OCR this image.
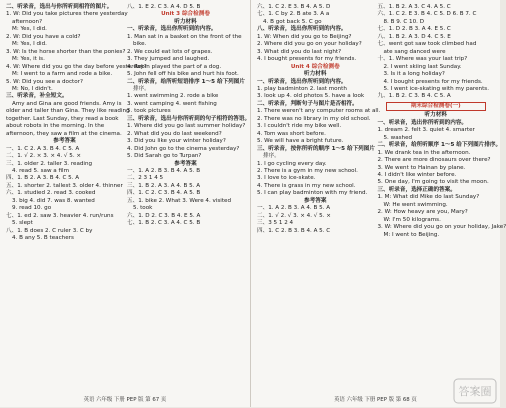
二、听录音，选出与你所听到相符的图片。
1. W: Did you take pictures there yesterday
afternoon?
M: Yes, I did.
2. W: Did you have a cold?
M: Yes, I did.
3. W: Is the horse shorter than the ponies?
M: Yes, it is.
4. W: Where did you go the day before yesterday?
M: I went to a farm and rode a bike.
5. W: Did you see a doctor?
M: No, I didn't.
三、听录音，补全短文。
Amy and Gina are good friends. Amy is
older and taller than Gina. They like reading
together. Last Sunday, they read a book
about robots in the morning. In the
afternoon, they saw a film at the cinema.
参考答案
一、1. C 2. A 3. B 4. C 5. A
二、1. √ 2. × 3. × 4. √ 5. ×
三、1. older 2. taller 3. reading
4. read 5. saw a film
四、1. B 2. A 3. B 4. C 5. A
五、1. shorter 2. tallest 3. older 4. thinner
六、1. studied 2. read 3. cooked
3. big 4. did 7. was 8. wanted
9. read 10. go
七、1. ed 2. saw 3. heavier 4. run/runs
5. slept
八、1. B does 2. C ruler 3. C by
4. B any 5. B teachers
八、1. E 2. C 3. A 4. D 5. B
Unit 3 综合检测卷
听力材料
一、听录音，选出你所听到的内容。
1. Man sat in a basket on the front of the
bike.
2. We could eat lots of grapes.
3. They jumped and laughed.
4. Robin played the part of a dog.
5. John fell off his bike and hurt his foot.
二、听录音，给所听短语排序 1～5 给下列图片
排序。
1. went swimming 2. rode a bike
3. went camping 4. went fishing
5. took pictures
三、听录音，选出与你所听到的句子相符的答语。
1. Where did you go last summer holiday?
2. What did you do last weekend?
3. Did you like your winter holiday?
4. Did John go to the cinema yesterday?
5. Did Sarah go to Turpan?
参考答案
一、1. A 2. B 3. B 4. A 5. B
二、2 3 1 4 5
三、1. B 2. A 3. A 4. B 5. A
四、1. C 2. C 3. B 4. A 5. B
五、1. bike 2. What 3. Were 4. visited
5. took
六、1. D 2. C 3. B 4. E 5. A
七、1. B 2. C 3. A 4. C 5. B
英语 六年级 下册 PEP 版 第 67 页
六、1. C 2. E 3. B 4. A 5. D
七、1. C by 2. B ate 3. A a
4. B got back 5. C go
八、听录音，选出你所听到的内容。
1. W: When did you go to Beijing?
2. Where did you go on your holiday?
3. What did you do last night?
4. I bought presents for my friends.
Unit 4 综合检测卷
听力材料
一、听录音，选出你所听到的内容。
1. play badminton 2. last month
3. look up 4. old photos 5. have a look
二、听录音，判断句子与图片是否相符。
1. There weren't any computer rooms at all.
2. There was no library in my old school.
3. I couldn't ride my bike well.
4. Tom was short before.
5. We will have a bright future.
三、听录音，按你所听的顺序 1～5 给下列图片
排序。
1. I go cycling every day.
2. There is a gym in my new school.
3. I love to ice-skate.
4. There is grass in my new school.
5. I can play badminton with my friend.
参考答案
一、1. A 2. B 3. A 4. B 5. A
二、1. √ 2. √ 3. × 4. √ 5. ×
三、3 5 1 2 4
四、1. C 2. B 3. B 4. A 5. C
五、1. B 2. A 3. C 4. A 5. C
六、1. C 2. E 3. B 4. C 5. D 6. B 7. C
8. B 9. C 10. D
七、1. D 2. B 3. A 4. E 5. C
八、1. B 2. A 3. D 4. C 5. E
七、went got saw took climbed had
ate sang danced were
十、1. Where was your last trip?
2. I went skiing last Sunday.
3. Is it a long holiday?
4. I bought presents for my friends.
5. I went ice-skating with my parents.
九、1. B 2. C 3. B 4. C 5. A
期末综合检测卷(一)
听力材料
一、听录音，选出你所听到的内容。
1. dream 2. felt 3. quiet 4. smarter
5. washed
二、听录音，给所听顺序 1～5 给下列图片排序。
1. We drank tea in the afternoon.
2. There are more dinosaurs over there?
3. We went to Hainan by plane.
4. I didn't like winter before.
5. One day, I'm going to visit the moon.
三、听录音，选择正确的答案。
1. M: What did Mike do last Sunday?
W: He went swimming.
2. W: How heavy are you, Mary?
W: I'm 50 kilograms.
3. W: Where did you go on your holiday, Jake?
M: I went to Beijing.
英语 六年级 下册 PEP 版 第 68 页
答案圈
